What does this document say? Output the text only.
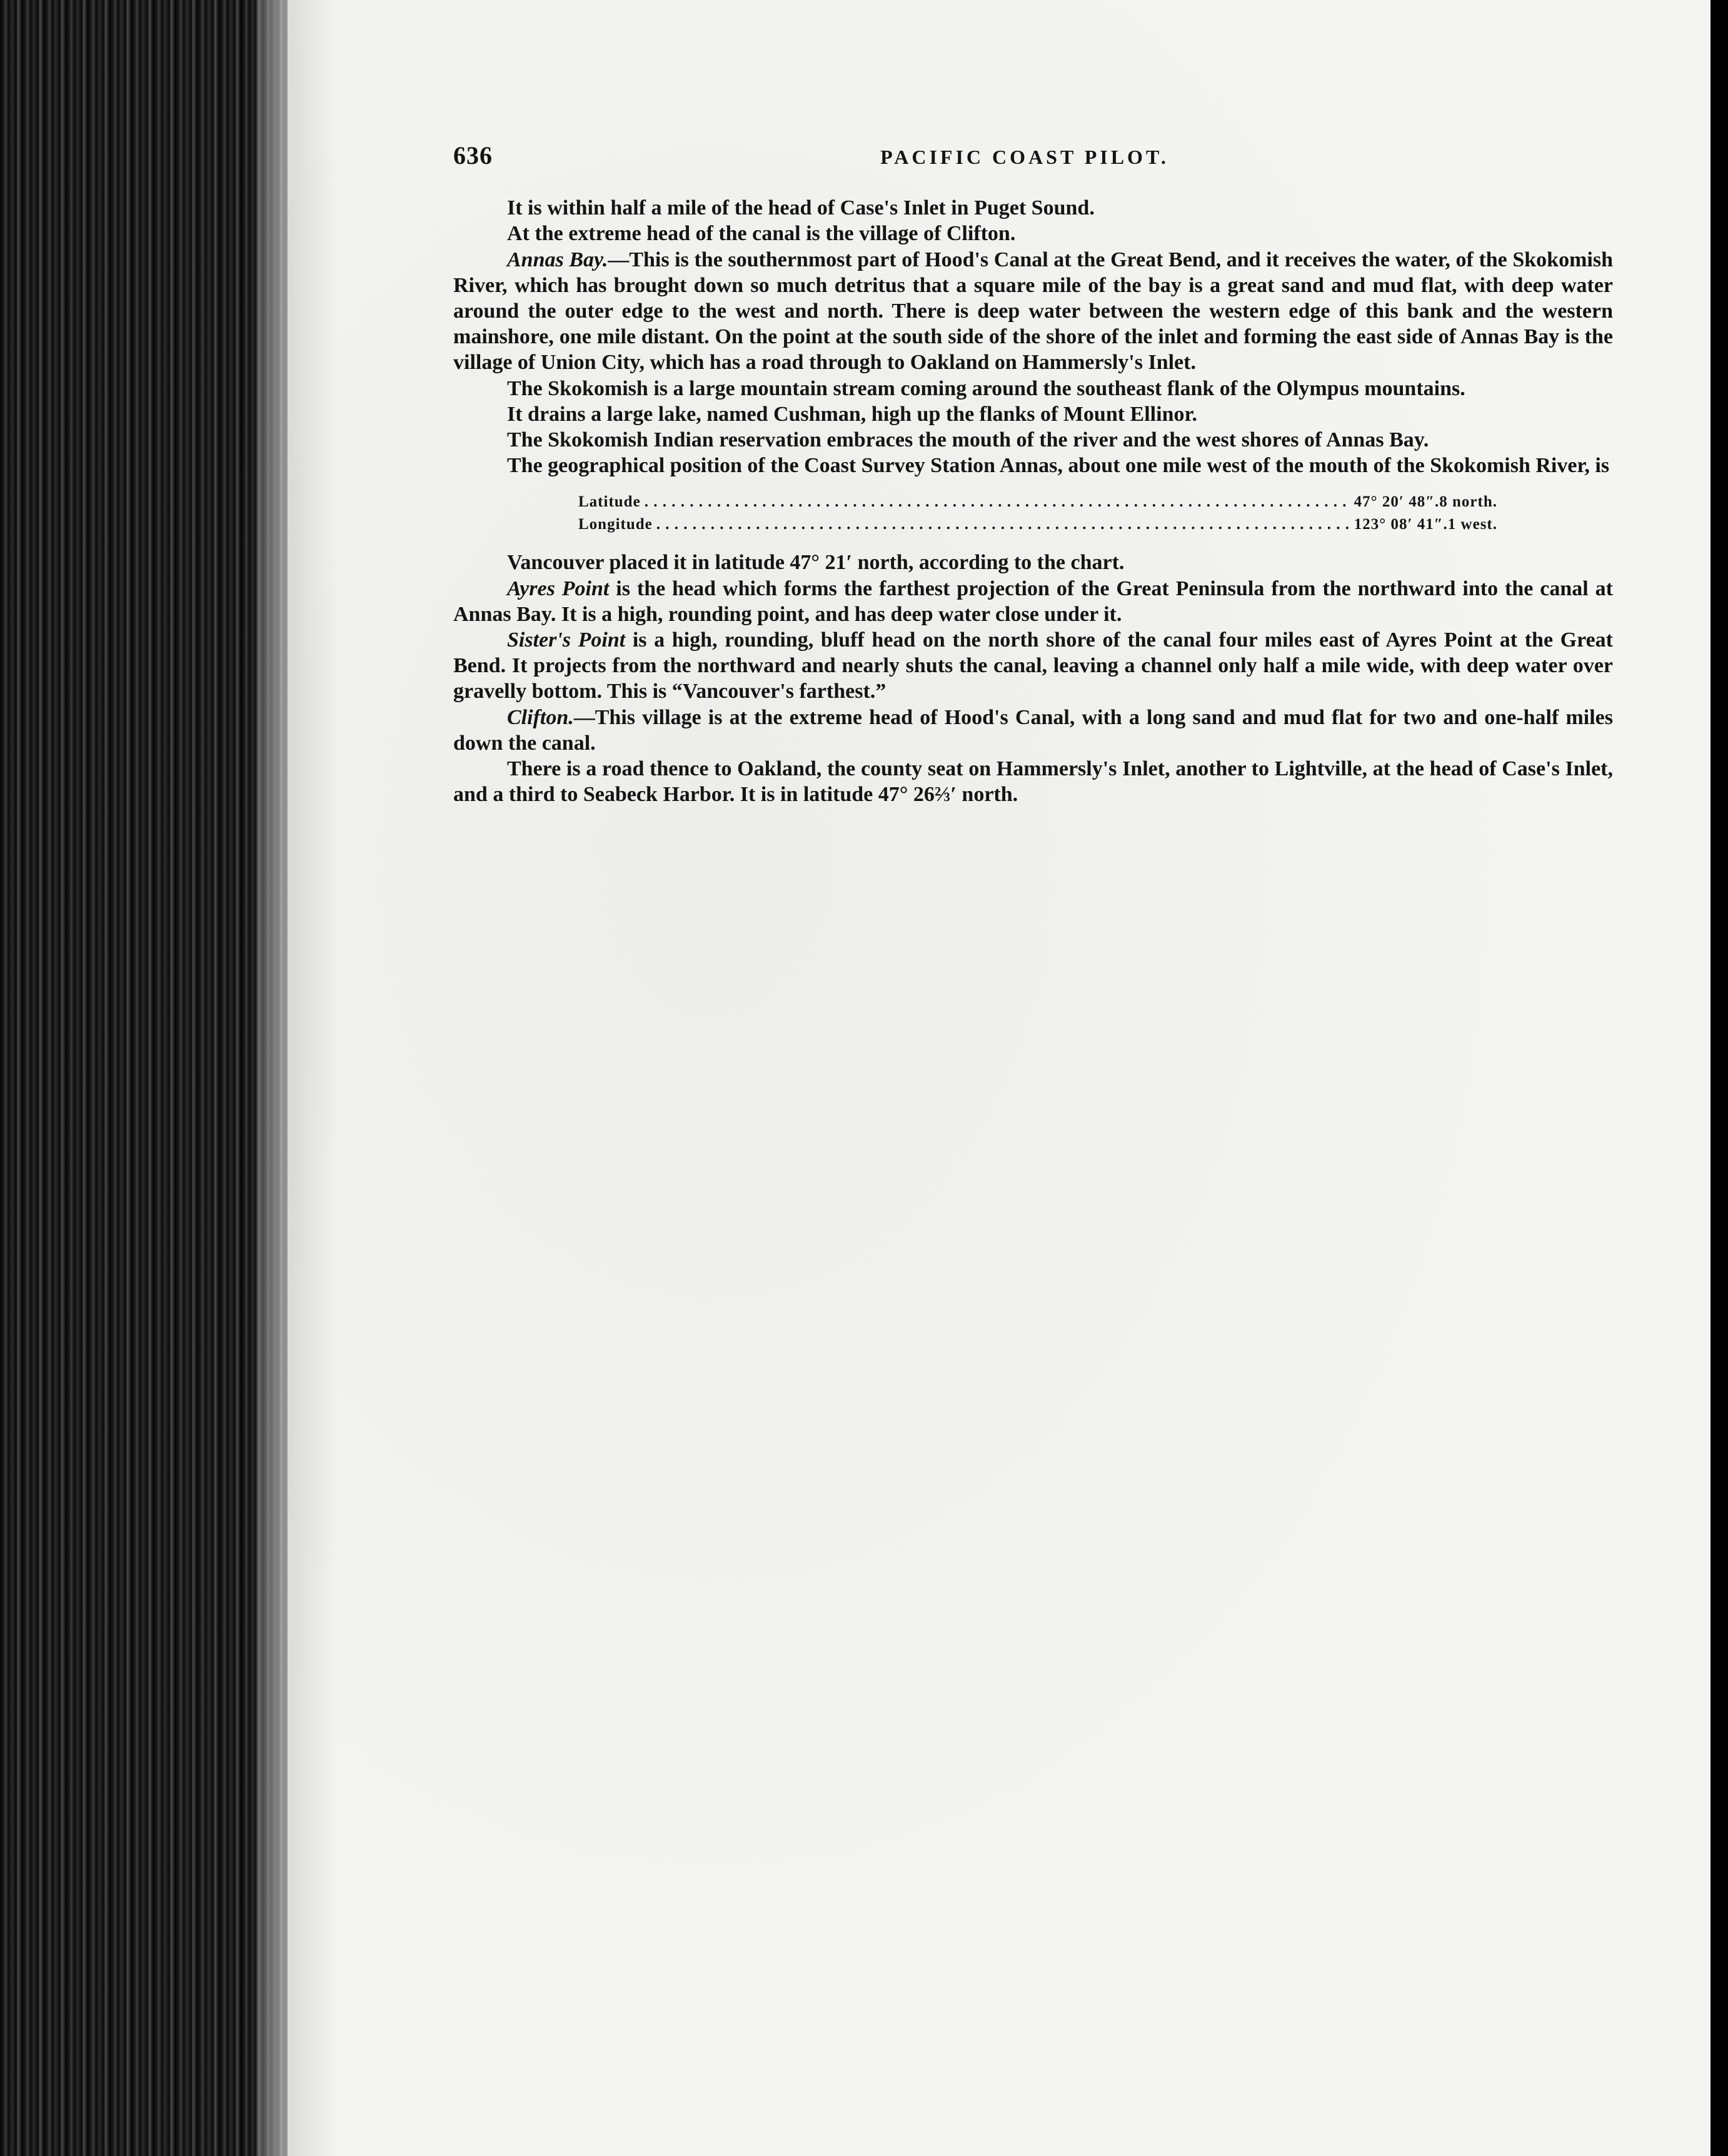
636	PACIFIC COAST PILOT.

It is within half a mile of the head of Case's Inlet in Puget Sound.

At the extreme head of the canal is the village of Clifton.

Annas Bay.—This is the southernmost part of Hood's Canal at the Great Bend, and it receives the water, of the Skokomish River, which has brought down so much detritus that a square mile of the bay is a great sand and mud flat, with deep water around the outer edge to the west and north. There is deep water between the western edge of this bank and the western mainshore, one mile distant. On the point at the south side of the shore of the inlet and forming the east side of Annas Bay is the village of Union City, which has a road through to Oakland on Hammersly's Inlet.

The Skokomish is a large mountain stream coming around the southeast flank of the Olympus mountains.

It drains a large lake, named Cushman, high up the flanks of Mount Ellinor.

The Skokomish Indian reservation embraces the mouth of the river and the west shores of Annas Bay.

The geographical position of the Coast Survey Station Annas, about one mile west of the mouth of the Skokomish River, is

Latitude . . .	47° 20′ 48″.8 north.
Longitude . . .	123° 08′ 41″.1 west.

Vancouver placed it in latitude 47° 21′ north, according to the chart.

Ayres Point is the head which forms the farthest projection of the Great Peninsula from the northward into the canal at Annas Bay. It is a high, rounding point, and has deep water close under it.

Sister's Point is a high, rounding, bluff head on the north shore of the canal four miles east of Ayres Point at the Great Bend. It projects from the northward and nearly shuts the canal, leaving a channel only half a mile wide, with deep water over gravelly bottom. This is “Vancouver's farthest.”

Clifton.—This village is at the extreme head of Hood's Canal, with a long sand and mud flat for two and one-half miles down the canal.

There is a road thence to Oakland, the county seat on Hammersly's Inlet, another to Lightville, at the head of Case's Inlet, and a third to Seabeck Harbor. It is in latitude 47° 26⅔′ north.
